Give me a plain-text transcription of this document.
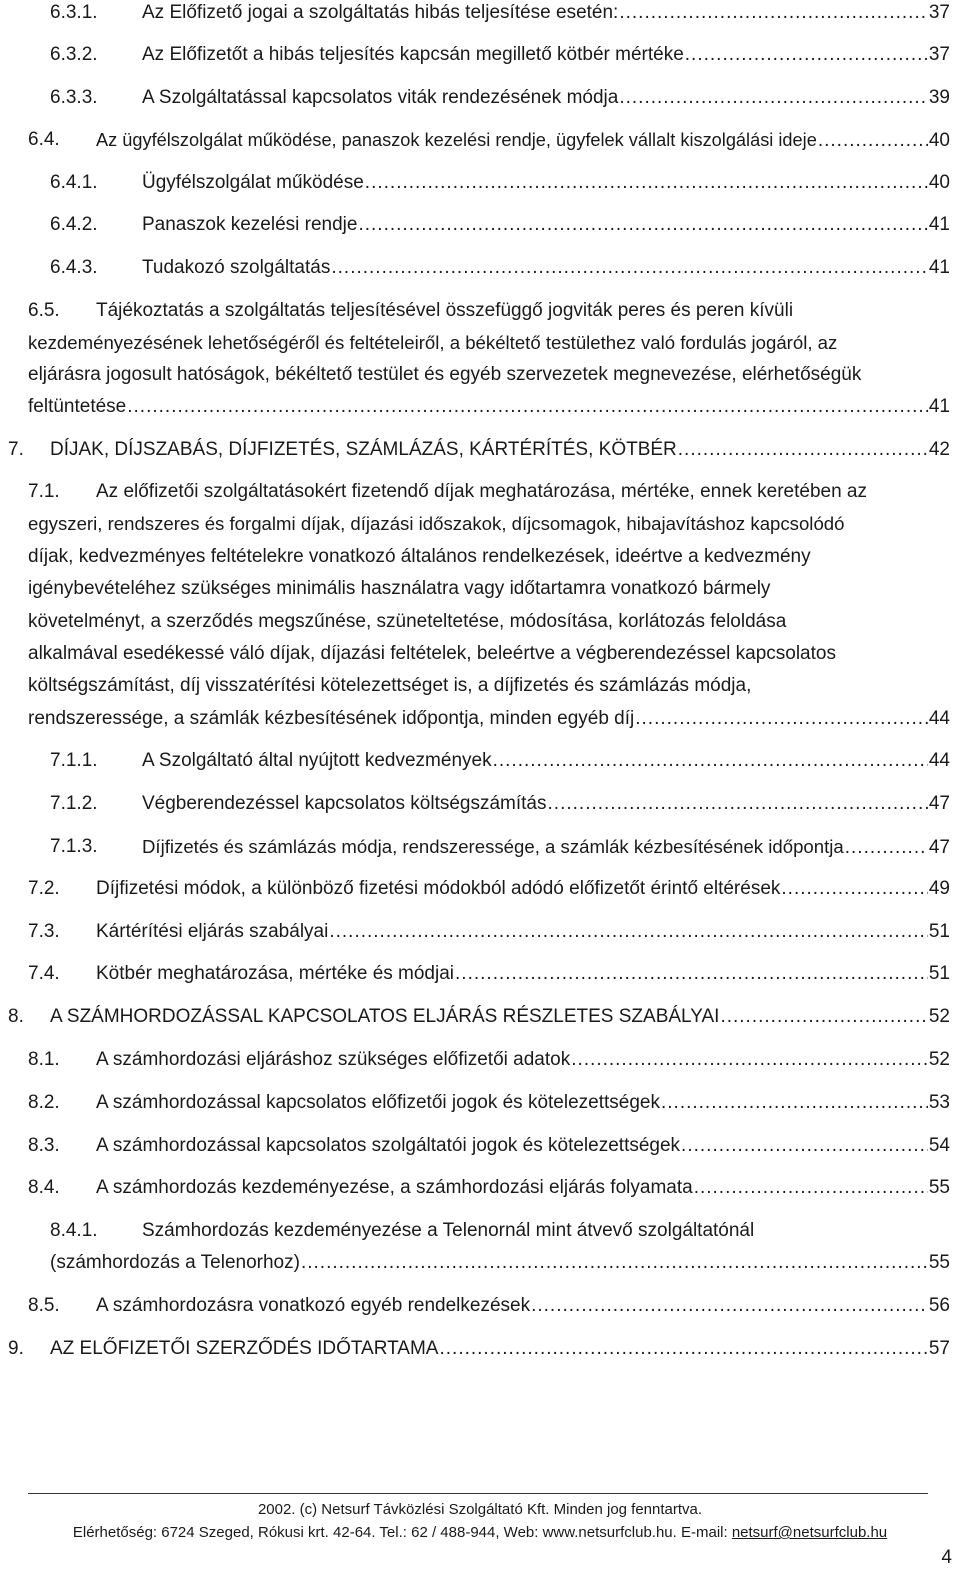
6.3.1. Az Előfizető jogai a szolgáltatás hibás teljesítése esetén: .....	37
6.3.2. Az Előfizetőt a hibás teljesítés kapcsán megillető kötbér mértéke .....	37
6.3.3. A Szolgáltatással kapcsolatos viták rendezésének módja .....	39
6.4. Az ügyfélszolgálat működése, panaszok kezelési rendje, ügyfelek vállalt kiszolgálási ideje .....	40
6.4.1. Ügyfélszolgálat működése .....	40
6.4.2. Panaszok kezelési rendje .....	41
6.4.3. Tudakozó szolgáltatás .....	41
6.5. Tájékoztatás a szolgáltatás teljesítésével összefüggő jogviták peres és peren kívüli
kezdeményezésének lehetőségéről és feltételeiről, a békéltető testülethez való fordulás jogáról, az
eljárásra jogosult hatóságok, békéltető testület és egyéb szervezetek megnevezése, elérhetőségük
feltüntetése .....	41
7. DÍJAK, DÍJSZABÁS, DÍJFIZETÉS, SZÁMLÁZÁS, KÁRTÉRÍTÉS, KÖTBÉR .....	42
7.1. Az előfizetői szolgáltatásokért fizetendő díjak meghatározása, mértéke, ennek keretében az
egyszeri, rendszeres és forgalmi díjak, díjazási időszakok, díjcsomagok, hibajavításhoz kapcsolódó
díjak, kedvezményes feltételekre vonatkozó általános rendelkezések, ideértve a kedvezmény
igénybevételéhez szükséges minimális használatra vagy időtartamra vonatkozó bármely
követelményt, a szerződés megszűnése, szüneteltetése, módosítása, korlátozás feloldása
alkalmával esedékessé váló díjak, díjazási feltételek, beleértve a végberendezéssel kapcsolatos
költségszámítást, díj visszatérítési kötelezettséget is, a díjfizetés és számlázás módja,
rendszeressége, a számlák kézbesítésének időpontja, minden egyéb díj .....	44
7.1.1. A Szolgáltató által nyújtott kedvezmények .....	44
7.1.2. Végberendezéssel kapcsolatos költségszámítás .....	47
7.1.3. Díjfizetés és számlázás módja, rendszeressége, a számlák kézbesítésének időpontja .....	47
7.2. Díjfizetési módok, a különböző fizetési módokból adódó előfizetőt érintő eltérések .....	49
7.3. Kártérítési eljárás szabályai .....	51
7.4. Kötbér meghatározása, mértéke és módjai .....	51
8. A SZÁMHORDOZÁSSAL KAPCSOLATOS ELJÁRÁS RÉSZLETES SZABÁLYAI .....	52
8.1. A számhordozási eljáráshoz szükséges előfizetői adatok .....	52
8.2. A számhordozással kapcsolatos előfizetői jogok és kötelezettségek .....	53
8.3. A számhordozással kapcsolatos szolgáltatói jogok és kötelezettségek .....	54
8.4. A számhordozás kezdeményezése, a számhordozási eljárás folyamata .....	55
8.4.1. Számhordozás kezdeményezése a Telenornál mint átvevő szolgáltatónál
(számhordozás a Telenorhoz) .....	55
8.5. A számhordozásra vonatkozó egyéb rendelkezések .....	56
9. AZ ELŐFIZETŐI SZERZŐDÉS IDŐTARTAMA .....	57
2002. (c) Netsurf Távközlési Szolgáltató Kft. Minden jog fenntartva.
Elérhetőség: 6724 Szeged, Rókusi krt. 42-64. Tel.: 62 / 488-944, Web: www.netsurfclub.hu. E-mail: netsurf@netsurfclub.hu
4
